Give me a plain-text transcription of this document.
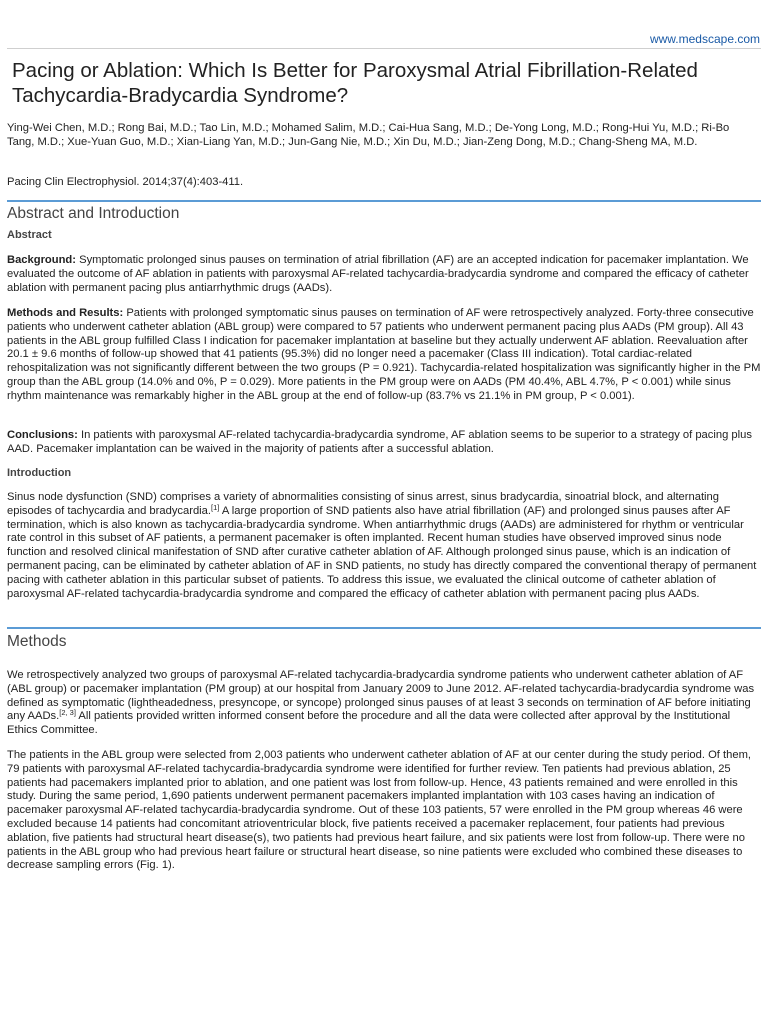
www.medscape.com
Pacing or Ablation: Which Is Better for Paroxysmal Atrial Fibrillation-Related Tachycardia-Bradycardia Syndrome?

Ying-Wei Chen, M.D.; Rong Bai, M.D.; Tao Lin, M.D.; Mohamed Salim, M.D.; Cai-Hua Sang, M.D.; De-Yong Long, M.D.; Rong-Hui Yu, M.D.; Ri-Bo Tang, M.D.; Xue-Yuan Guo, M.D.; Xian-Liang Yan, M.D.; Jun-Gang Nie, M.D.; Xin Du, M.D.; Jian-Zeng Dong, M.D.; Chang-Sheng MA, M.D.

Pacing Clin Electrophysiol. 2014;37(4):403-411.

Abstract and Introduction
Abstract

Background: Symptomatic prolonged sinus pauses on termination of atrial fibrillation (AF) are an accepted indication for pacemaker implantation. We evaluated the outcome of AF ablation in patients with paroxysmal AF-related tachycardia-bradycardia syndrome and compared the efficacy of catheter ablation with permanent pacing plus antiarrhythmic drugs (AADs).

Methods and Results: Patients with prolonged symptomatic sinus pauses on termination of AF were retrospectively analyzed. Forty-three consecutive patients who underwent catheter ablation (ABL group) were compared to 57 patients who underwent permanent pacing plus AADs (PM group). All 43 patients in the ABL group fulfilled Class I indication for pacemaker implantation at baseline but they actually underwent AF ablation. Reevaluation after 20.1 ± 9.6 months of follow-up showed that 41 patients (95.3%) did no longer need a pacemaker (Class III indication). Total cardiac-related rehospitalization was not significantly different between the two groups (P = 0.921). Tachycardia-related hospitalization was significantly higher in the PM group than the ABL group (14.0% and 0%, P = 0.029). More patients in the PM group were on AADs (PM 40.4%, ABL 4.7%, P < 0.001) while sinus rhythm maintenance was remarkably higher in the ABL group at the end of follow-up (83.7% vs 21.1% in PM group, P < 0.001).

Conclusions: In patients with paroxysmal AF-related tachycardia-bradycardia syndrome, AF ablation seems to be superior to a strategy of pacing plus AAD. Pacemaker implantation can be waived in the majority of patients after a successful ablation.

Introduction

Sinus node dysfunction (SND) comprises a variety of abnormalities consisting of sinus arrest, sinus bradycardia, sinoatrial block, and alternating episodes of tachycardia and bradycardia.[1] A large proportion of SND patients also have atrial fibrillation (AF) and prolonged sinus pauses after AF termination, which is also known as tachycardia-bradycardia syndrome. When antiarrhythmic drugs (AADs) are administered for rhythm or ventricular rate control in this subset of AF patients, a permanent pacemaker is often implanted. Recent human studies have observed improved sinus node function and resolved clinical manifestation of SND after curative catheter ablation of AF. Although prolonged sinus pause, which is an indication of permanent pacing, can be eliminated by catheter ablation of AF in SND patients, no study has directly compared the conventional therapy of permanent pacing with catheter ablation in this particular subset of patients. To address this issue, we evaluated the clinical outcome of catheter ablation of paroxysmal AF-related tachycardia-bradycardia syndrome and compared the efficacy of catheter ablation with permanent pacing plus AADs.

Methods

We retrospectively analyzed two groups of paroxysmal AF-related tachycardia-bradycardia syndrome patients who underwent catheter ablation of AF (ABL group) or pacemaker implantation (PM group) at our hospital from January 2009 to June 2012. AF-related tachycardia-bradycardia syndrome was defined as symptomatic (lightheadedness, presyncope, or syncope) prolonged sinus pauses of at least 3 seconds on termination of AF before initiating any AADs.[2, 3] All patients provided written informed consent before the procedure and all the data were collected after approval by the Institutional Ethics Committee.

The patients in the ABL group were selected from 2,003 patients who underwent catheter ablation of AF at our center during the study period. Of them, 79 patients with paroxysmal AF-related tachycardia-bradycardia syndrome were identified for further review. Ten patients had previous ablation, 25 patients had pacemakers implanted prior to ablation, and one patient was lost from follow-up. Hence, 43 patients remained and were enrolled in this study. During the same period, 1,690 patients underwent permanent pacemakers implanted implantation with 103 cases having an indication of pacemaker paroxysmal AF-related tachycardia-bradycardia syndrome. Out of these 103 patients, 57 were enrolled in the PM group whereas 46 were excluded because 14 patients had concomitant atrioventricular block, five patients received a pacemaker replacement, four patients had previous ablation, five patients had structural heart disease(s), two patients had previous heart failure, and six patients were lost from follow-up. There were no patients in the ABL group who had previous heart failure or structural heart disease, so nine patients were excluded who combined these diseases to decrease sampling errors (Fig. 1).
